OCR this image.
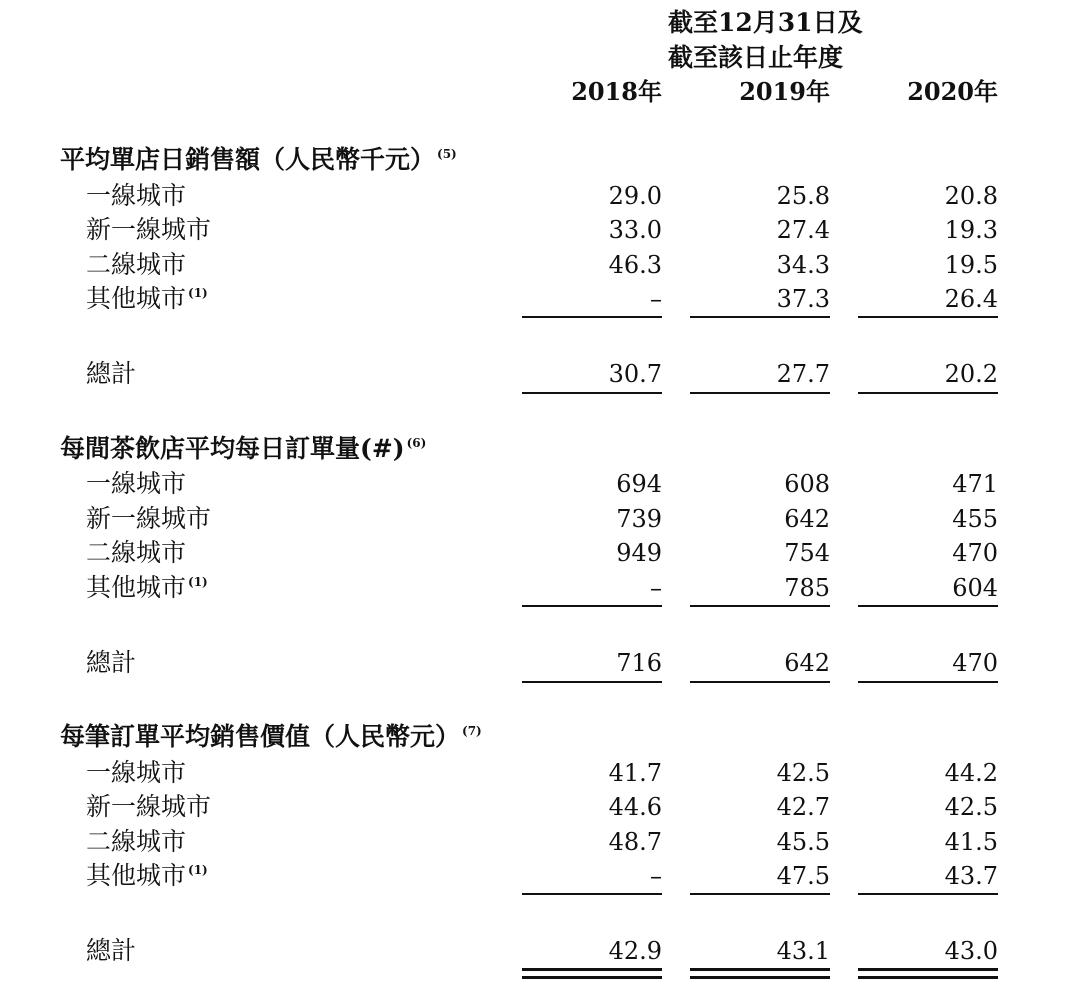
截至12月31日及
截至該日止年度
2018年	2019年	2020年
平均單店日銷售額（人民幣千元） $^{(5)}$
一線城市	29.0	25.8	20.8
新一線城市	33.0	27.4	19.3
二線城市	46.3	34.3	19.5
其他城市 $^{(1)}$	–	37.3	26.4
總計	30.7	27.7	20.2
每間茶飲店平均每日訂單量(#) $^{(6)}$
一線城市	694	608	471
新一線城市	739	642	455
二線城市	949	754	470
其他城市 $^{(1)}$	–	785	604
總計	716	642	470
每筆訂單平均銷售價值（人民幣元） $^{(7)}$
一線城市	41.7	42.5	44.2
新一線城市	44.6	42.7	42.5
二線城市	48.7	45.5	41.5
其他城市 $^{(1)}$	–	47.5	43.7
總計	42.9	43.1	43.0
